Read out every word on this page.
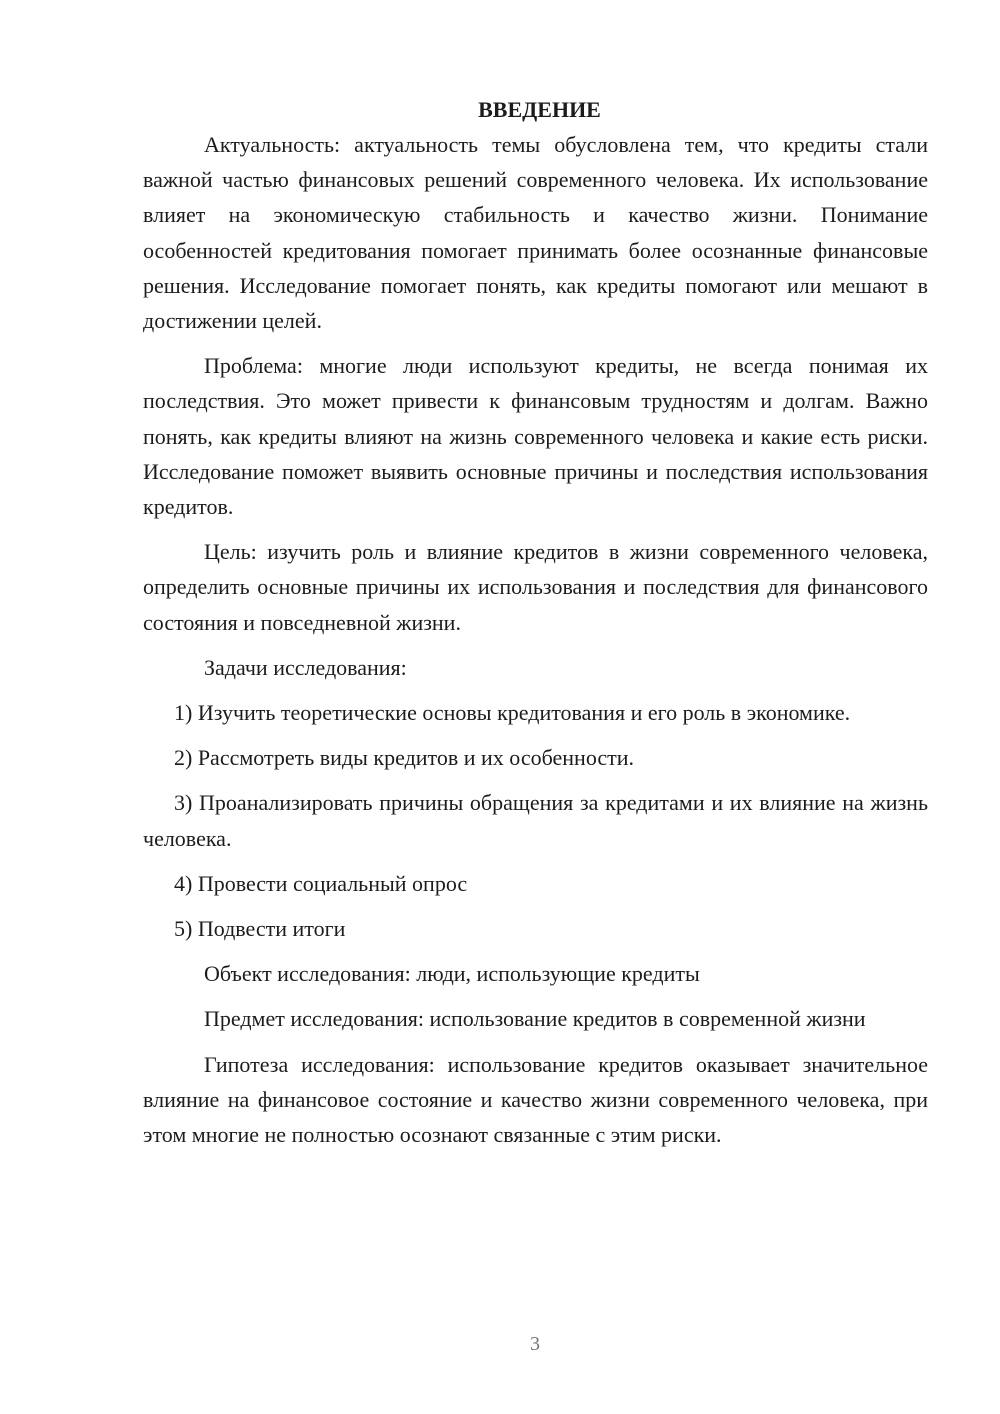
ВВЕДЕНИЕ

Актуальность: актуальность темы обусловлена тем, что кредиты стали важной частью финансовых решений современного человека. Их использование влияет на экономическую стабильность и качество жизни. Понимание особенностей кредитования помогает принимать более осознанные финансовые решения. Исследование помогает понять, как кредиты помогают или мешают в достижении целей.

Проблема: многие люди используют кредиты, не всегда понимая их последствия. Это может привести к финансовым трудностям и долгам. Важно понять, как кредиты влияют на жизнь современного человека и какие есть риски. Исследование поможет выявить основные причины и последствия использования кредитов.

Цель: изучить роль и влияние кредитов в жизни современного человека, определить основные причины их использования и последствия для финансового состояния и повседневной жизни.

Задачи исследования:

1) Изучить теоретические основы кредитования и его роль в экономике.

2) Рассмотреть виды кредитов и их особенности.

3) Проанализировать причины обращения за кредитами и их влияние на жизнь человека.

4) Провести социальный опрос

5) Подвести итоги

Объект исследования: люди, использующие кредиты

Предмет исследования: использование кредитов в современной жизни

Гипотеза исследования: использование кредитов оказывает значительное влияние на финансовое состояние и качество жизни современного человека, при этом многие не полностью осознают связанные с этим риски.

3
